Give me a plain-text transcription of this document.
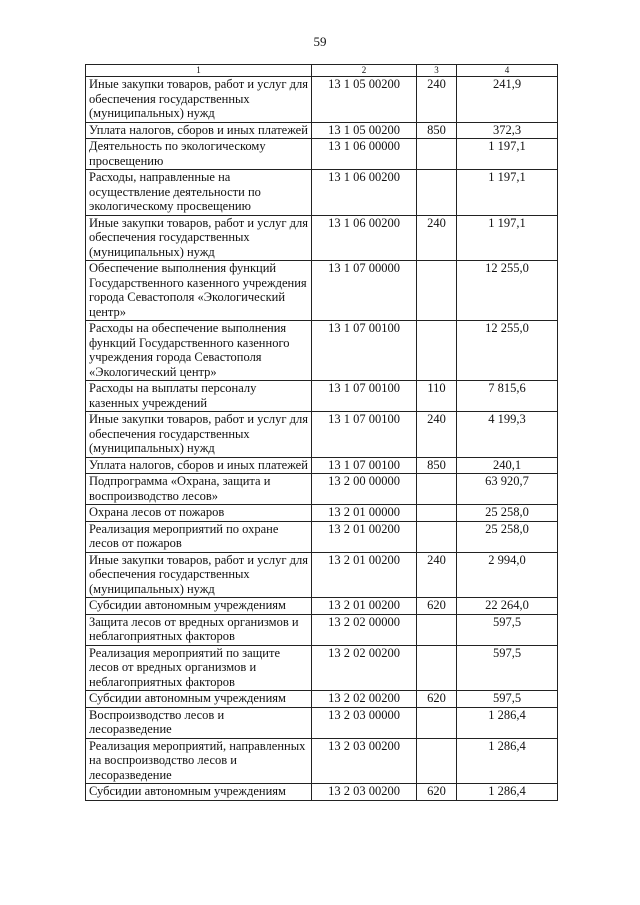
59
1	2	3	4
Иные закупки товаров, работ и услуг для обеспечения государственных (муниципальных) нужд	13 1 05 00200	240	241,9
Уплата налогов, сборов и иных платежей	13 1 05 00200	850	372,3
Деятельность по экологическому просвещению	13 1 06 00000		1 197,1
Расходы, направленные на осуществление деятельности по экологическому просвещению	13 1 06 00200		1 197,1
Иные закупки товаров, работ и услуг для обеспечения государственных (муниципальных) нужд	13 1 06 00200	240	1 197,1
Обеспечение выполнения функций Государственного казенного учреждения города Севастополя «Экологический центр»	13 1 07 00000		12 255,0
Расходы на обеспечение выполнения функций Государственного казенного учреждения города Севастополя «Экологический центр»	13 1 07 00100		12 255,0
Расходы на выплаты персоналу казенных учреждений	13 1 07 00100	110	7 815,6
Иные закупки товаров, работ и услуг для обеспечения государственных (муниципальных) нужд	13 1 07 00100	240	4 199,3
Уплата налогов, сборов и иных платежей	13 1 07 00100	850	240,1
Подпрограмма «Охрана, защита и воспроизводство лесов»	13 2 00 00000		63 920,7
Охрана лесов от пожаров	13 2 01 00000		25 258,0
Реализация мероприятий по охране лесов от пожаров	13 2 01 00200		25 258,0
Иные закупки товаров, работ и услуг для обеспечения государственных (муниципальных) нужд	13 2 01 00200	240	2 994,0
Субсидии автономным учреждениям	13 2 01 00200	620	22 264,0
Защита лесов от вредных организмов и неблагоприятных факторов	13 2 02 00000		597,5
Реализация мероприятий по защите лесов от вредных организмов и неблагоприятных факторов	13 2 02 00200		597,5
Субсидии автономным учреждениям	13 2 02 00200	620	597,5
Воспроизводство лесов и лесоразведение	13 2 03 00000		1 286,4
Реализация мероприятий, направленных на воспроизводство лесов и лесоразведение	13 2 03 00200		1 286,4
Субсидии автономным учреждениям	13 2 03 00200	620	1 286,4
